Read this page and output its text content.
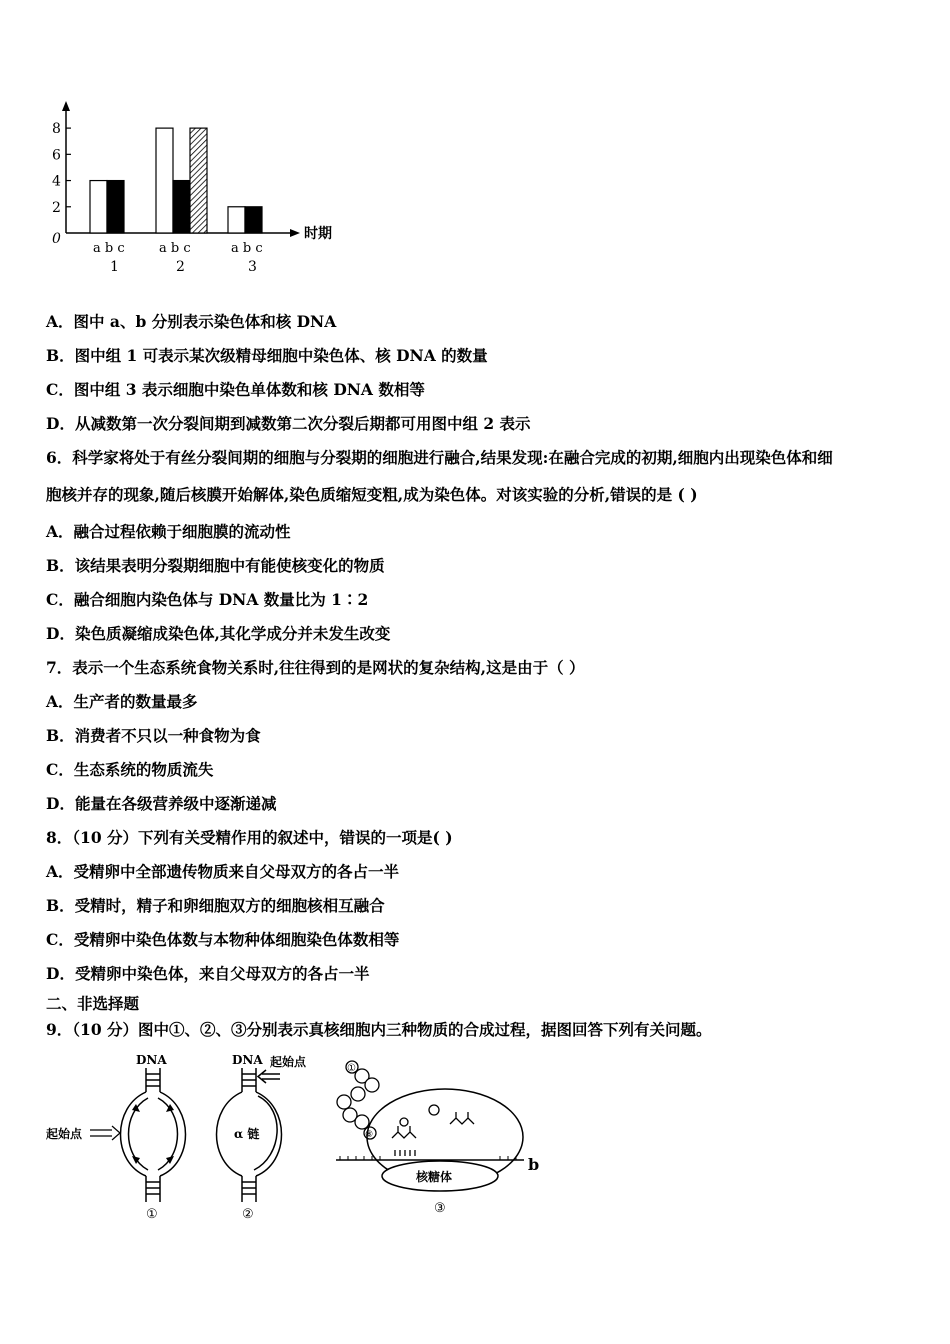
时期
0
2
4
6
8
a b c
1
a b c
2
a b c
3
A．图中 a、b 分别表示染色体和核 DNA
B．图中组 1 可表示某次级精母细胞中染色体、核 DNA 的数量
C．图中组 3 表示细胞中染色单体数和核 DNA 数相等
D．从减数第一次分裂间期到减数第二次分裂后期都可用图中组 2 表示
6．科学家将处于有丝分裂间期的细胞与分裂期的细胞进行融合,结果发现:在融合完成的初期,细胞内出现染色体和细
胞核并存的现象,随后核膜开始解体,染色质缩短变粗,成为染色体。对该实验的分析,错误的是 ( )
A．融合过程依赖于细胞膜的流动性
B．该结果表明分裂期细胞中有能使核变化的物质
C．融合细胞内染色体与 DNA 数量比为 1∶2
D．染色质凝缩成染色体,其化学成分并未发生改变
7．表示一个生态系统食物关系时,往往得到的是网状的复杂结构,这是由于（ ）
A．生产者的数量最多
B．消费者不只以一种食物为食
C．生态系统的物质流失
D．能量在各级营养级中逐渐递减
8．（10 分）下列有关受精作用的叙述中，错误的一项是( )
A．受精卵中全部遗传物质来自父母双方的各占一半
B．受精时，精子和卵细胞双方的细胞核相互融合
C．受精卵中染色体数与本物种体细胞染色体数相等
D．受精卵中染色体，来自父母双方的各占一半
二、非选择题
9．（10 分）图中①、②、③分别表示真核细胞内三种物质的合成过程，据图回答下列有关问题。
DNA
起始点
①
DNA 起始点
α 链
②
①
⑧
b
核糖体
③
